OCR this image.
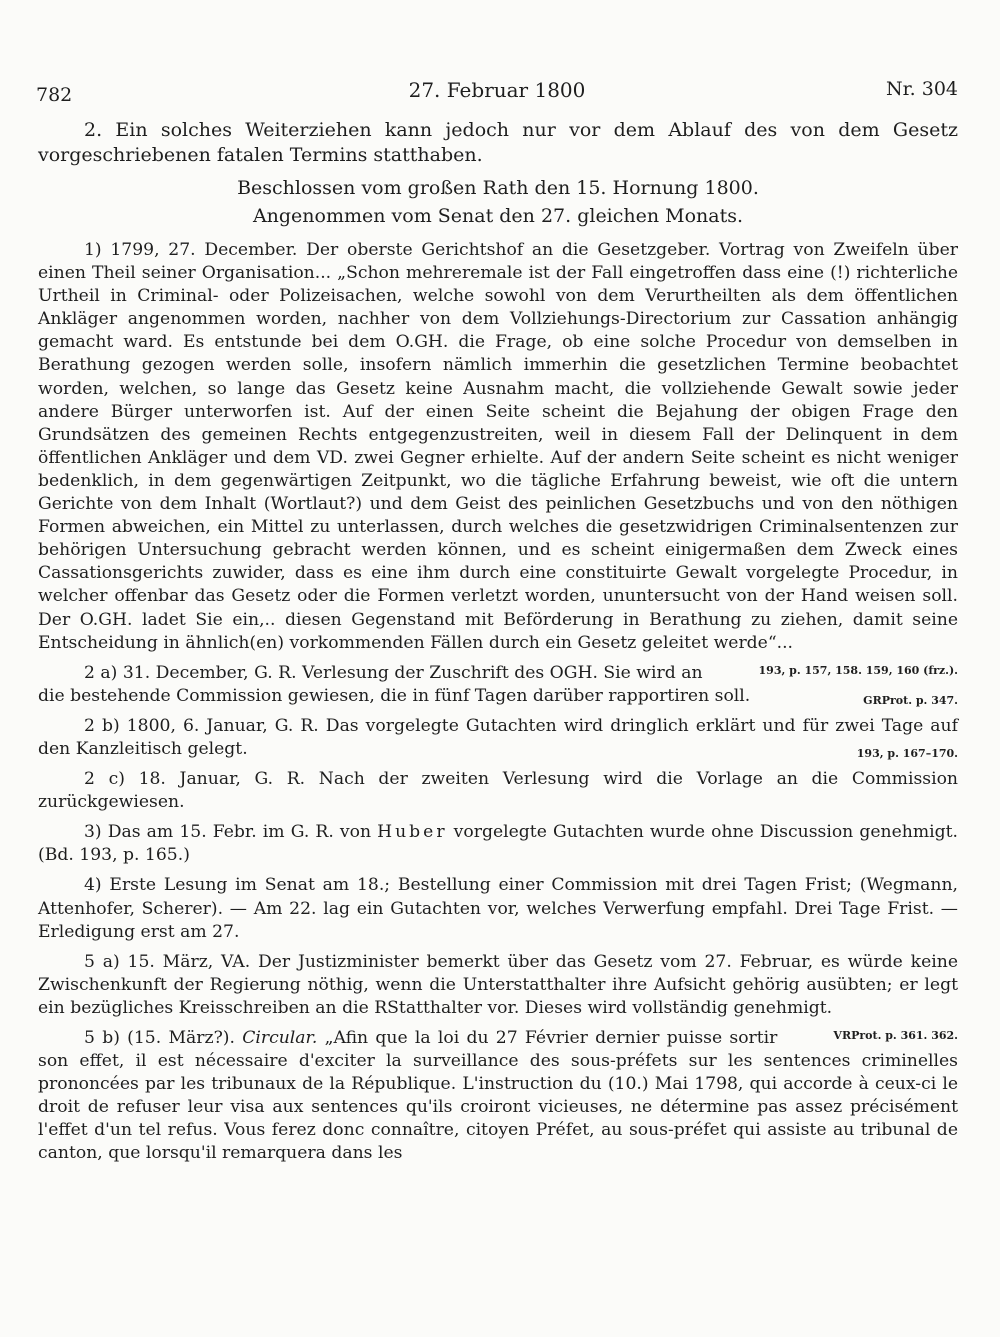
782	27. Februar 1800	Nr. 304

2. Ein solches Weiterziehen kann jedoch nur vor dem Ablauf des von dem Gesetz vorgeschriebenen fatalen Termins statthaben.

Beschlossen vom großen Rath den 15. Hornung 1800.

Angenommen vom Senat den 27. gleichen Monats.

1) 1799, 27. December. Der oberste Gerichtshof an die Gesetzgeber. Vortrag von Zweifeln über einen Theil seiner Organisation... „Schon mehreremale ist der Fall eingetroffen dass eine (!) richterliche Urtheil in Criminal- oder Polizeisachen, welche sowohl von dem Verurtheilten als dem öffentlichen Ankläger angenommen worden, nachher von dem Vollziehungs-Directorium zur Cassation anhängig gemacht ward. Es entstunde bei dem O.GH. die Frage, ob eine solche Procedur von demselben in Berathung gezogen werden solle, insofern nämlich immerhin die gesetzlichen Termine beobachtet worden, welchen, so lange das Gesetz keine Ausnahm macht, die vollziehende Gewalt sowie jeder andere Bürger unterworfen ist. Auf der einen Seite scheint die Bejahung der obigen Frage den Grundsätzen des gemeinen Rechts entgegenzustreiten, weil in diesem Fall der Delinquent in dem öffentlichen Ankläger und dem VD. zwei Gegner erhielte. Auf der andern Seite scheint es nicht weniger bedenklich, in dem gegenwärtigen Zeitpunkt, wo die tägliche Erfahrung beweist, wie oft die untern Gerichte von dem Inhalt (Wortlaut?) und dem Geist des peinlichen Gesetzbuchs und von den nöthigen Formen abweichen, ein Mittel zu unterlassen, durch welches die gesetzwidrigen Criminalsentenzen zur behörigen Untersuchung gebracht werden können, und es scheint einigermaßen dem Zweck eines Cassationsgerichts zuwider, dass es eine ihm durch eine constituirte Gewalt vorgelegte Procedur, in welcher offenbar das Gesetz oder die Formen verletzt worden, ununtersucht von der Hand weisen soll. Der O.GH. ladet Sie ein,.. diesen Gegenstand mit Beförderung in Berathung zu ziehen, damit seine Entscheidung in ähnlich(en) vorkommenden Fällen durch ein Gesetz geleitet werde“...
193, p. 157, 158. 159, 160 (frz.).

2 a) 31. December, G. R. Verlesung der Zuschrift des OGH. Sie wird an die bestehende Commission gewiesen, die in fünf Tagen darüber rapportiren soll.	GRProt. p. 347.

2 b) 1800, 6. Januar, G. R. Das vorgelegte Gutachten wird dringlich erklärt und für zwei Tage auf den Kanzleitisch gelegt.	193, p. 167–170.

2 c) 18. Januar, G. R. Nach der zweiten Verlesung wird die Vorlage an die Commission zurückgewiesen.

3) Das am 15. Febr. im G. R. von Huber vorgelegte Gutachten wurde ohne Discussion genehmigt. (Bd. 193, p. 165.)

4) Erste Lesung im Senat am 18.; Bestellung einer Commission mit drei Tagen Frist; (Wegmann, Attenhofer, Scherer). — Am 22. lag ein Gutachten vor, welches Verwerfung empfahl. Drei Tage Frist. — Erledigung erst am 27.

5 a) 15. März, VA. Der Justizminister bemerkt über das Gesetz vom 27. Februar, es würde keine Zwischenkunft der Regierung nöthig, wenn die Unterstatthalter ihre Aufsicht gehörig ausübten; er legt ein bezügliches Kreisschreiben an die RStatthalter vor. Dieses wird vollständig genehmigt.
VRProt. p. 361. 362.

5 b) (15. März?). Circular. „Afin que la loi du 27 Février dernier puisse sortir son effet, il est nécessaire d'exciter la surveillance des sous-préfets sur les sentences criminelles prononcées par les tribunaux de la République. L'instruction du (10.) Mai 1798, qui accorde à ceux-ci le droit de refuser leur visa aux sentences qu'ils croiront vicieuses, ne détermine pas assez précisément l'effet d'un tel refus. Vous ferez donc connaître, citoyen Préfet, au sous-préfet qui assiste au tribunal de canton, que lorsqu'il remarquera dans les
